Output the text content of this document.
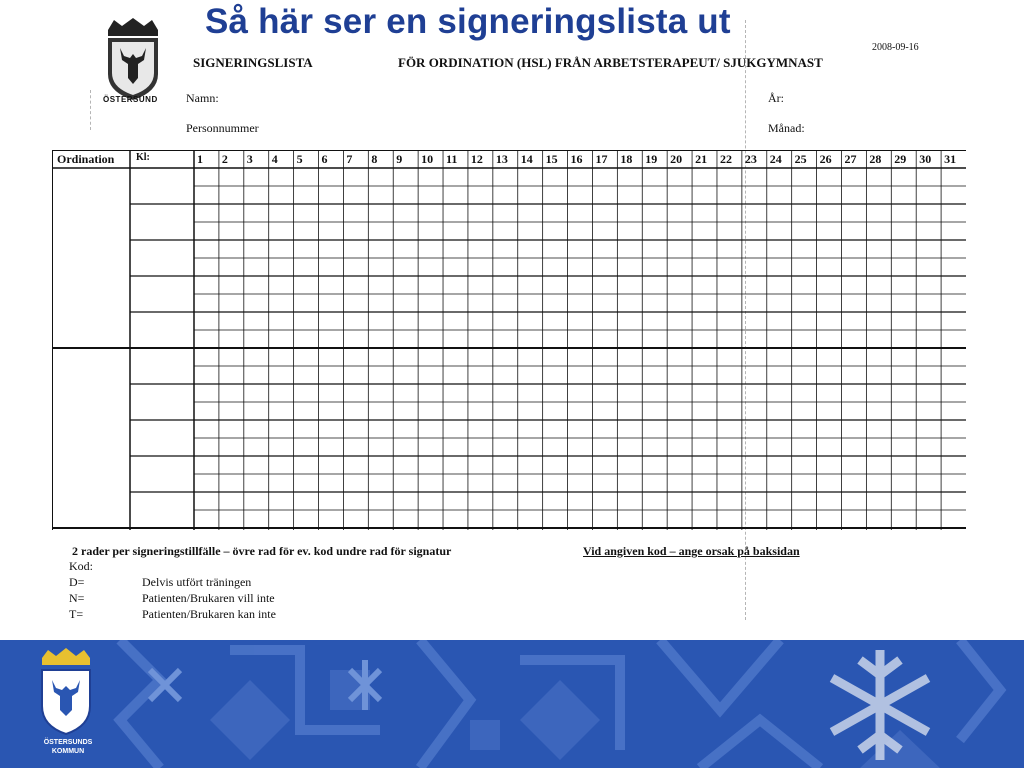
Så här ser en signeringslista ut
ÖSTERSUND
2008-09-16
SIGNERINGSLISTA	FÖR ORDINATION (HSL) FRÅN ARBETSTERAPEUT/ SJUKGYMNAST
Namn:	År:
Personnummer	Månad:
Ordination Kl:	1 2 3 4 5 6 7 8 9 10 11 12 13 14 15 16 17 18 19 20 21 22 23 24 25 26 27 28 29 30 31
2 rader per signeringstillfälle – övre rad för ev. kod undre rad för signatur	Vid angiven kod – ange orsak på baksidan
Kod:
D=	Delvis utfört träningen
N=	Patienten/Brukaren vill inte
T=	Patienten/Brukaren kan inte
ÖSTERSUNDS
KOMMUN
